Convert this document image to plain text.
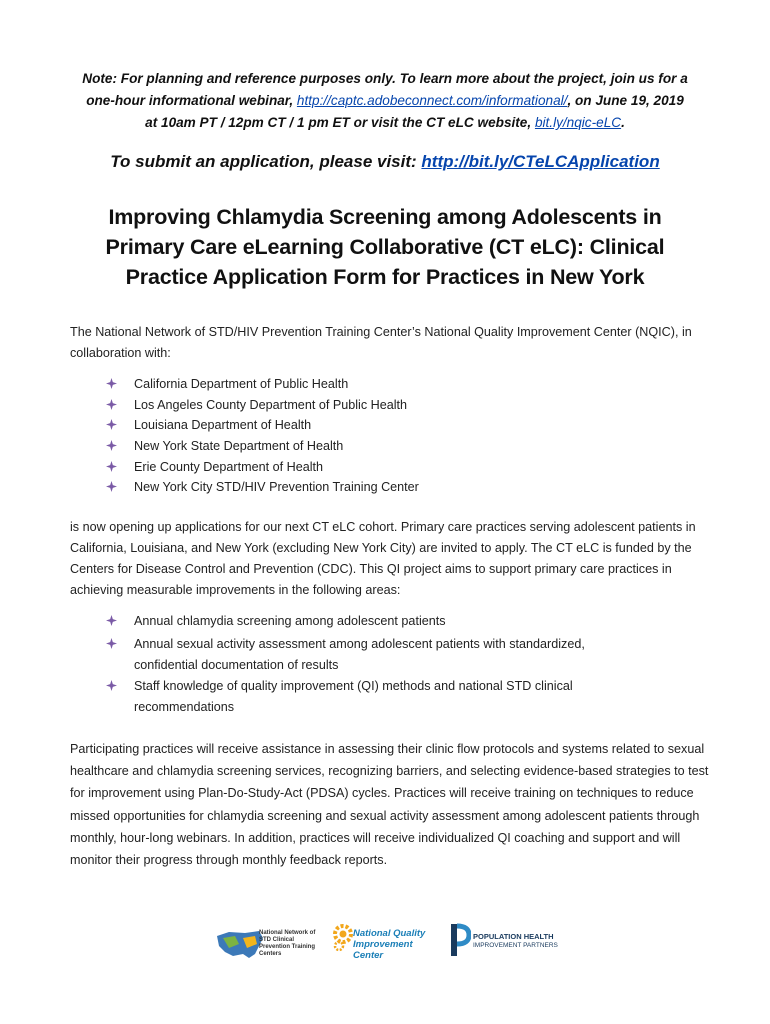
Note: For planning and reference purposes only. To learn more about the project, join us for a
one-hour informational webinar, http://captc.adobeconnect.com/informational/, on June 19, 2019
at 10am PT / 12pm CT / 1 pm ET or visit the CT eLC website, bit.ly/nqic-eLC.
To submit an application, please visit: http://bit.ly/CTeLCApplication
Improving Chlamydia Screening among Adolescents in
Primary Care eLearning Collaborative (CT eLC): Clinical
Practice Application Form for Practices in New York
The National Network of STD/HIV Prevention Training Center’s National Quality Improvement Center (NQIC), in collaboration with:
California Department of Public Health
Los Angeles County Department of Public Health
Louisiana Department of Health
New York State Department of Health
Erie County Department of Health
New York City STD/HIV Prevention Training Center
is now opening up applications for our next CT eLC cohort. Primary care practices serving adolescent patients in California, Louisiana, and New York (excluding New York City) are invited to apply. The CT eLC is funded by the Centers for Disease Control and Prevention (CDC). This QI project aims to support primary care practices in achieving measurable improvements in the following areas:
Annual chlamydia screening among adolescent patients
Annual sexual activity assessment among adolescent patients with standardized, confidential documentation of results
Staff knowledge of quality improvement (QI) methods and national STD clinical recommendations
Participating practices will receive assistance in assessing their clinic flow protocols and systems related to sexual healthcare and chlamydia screening services, recognizing barriers, and selecting evidence-based strategies to test for improvement using Plan-Do-Study-Act (PDSA) cycles. Practices will receive training on techniques to reduce missed opportunities for chlamydia screening and sexual activity assessment among adolescent patients through monthly, hour-long webinars. In addition, practices will receive individualized QI coaching and support and will monitor their progress through monthly feedback reports.
National Network of STD Clinical Prevention Training Centers
National Quality
Improvement Center
POPULATION HEALTH
IMPROVEMENT PARTNERS
